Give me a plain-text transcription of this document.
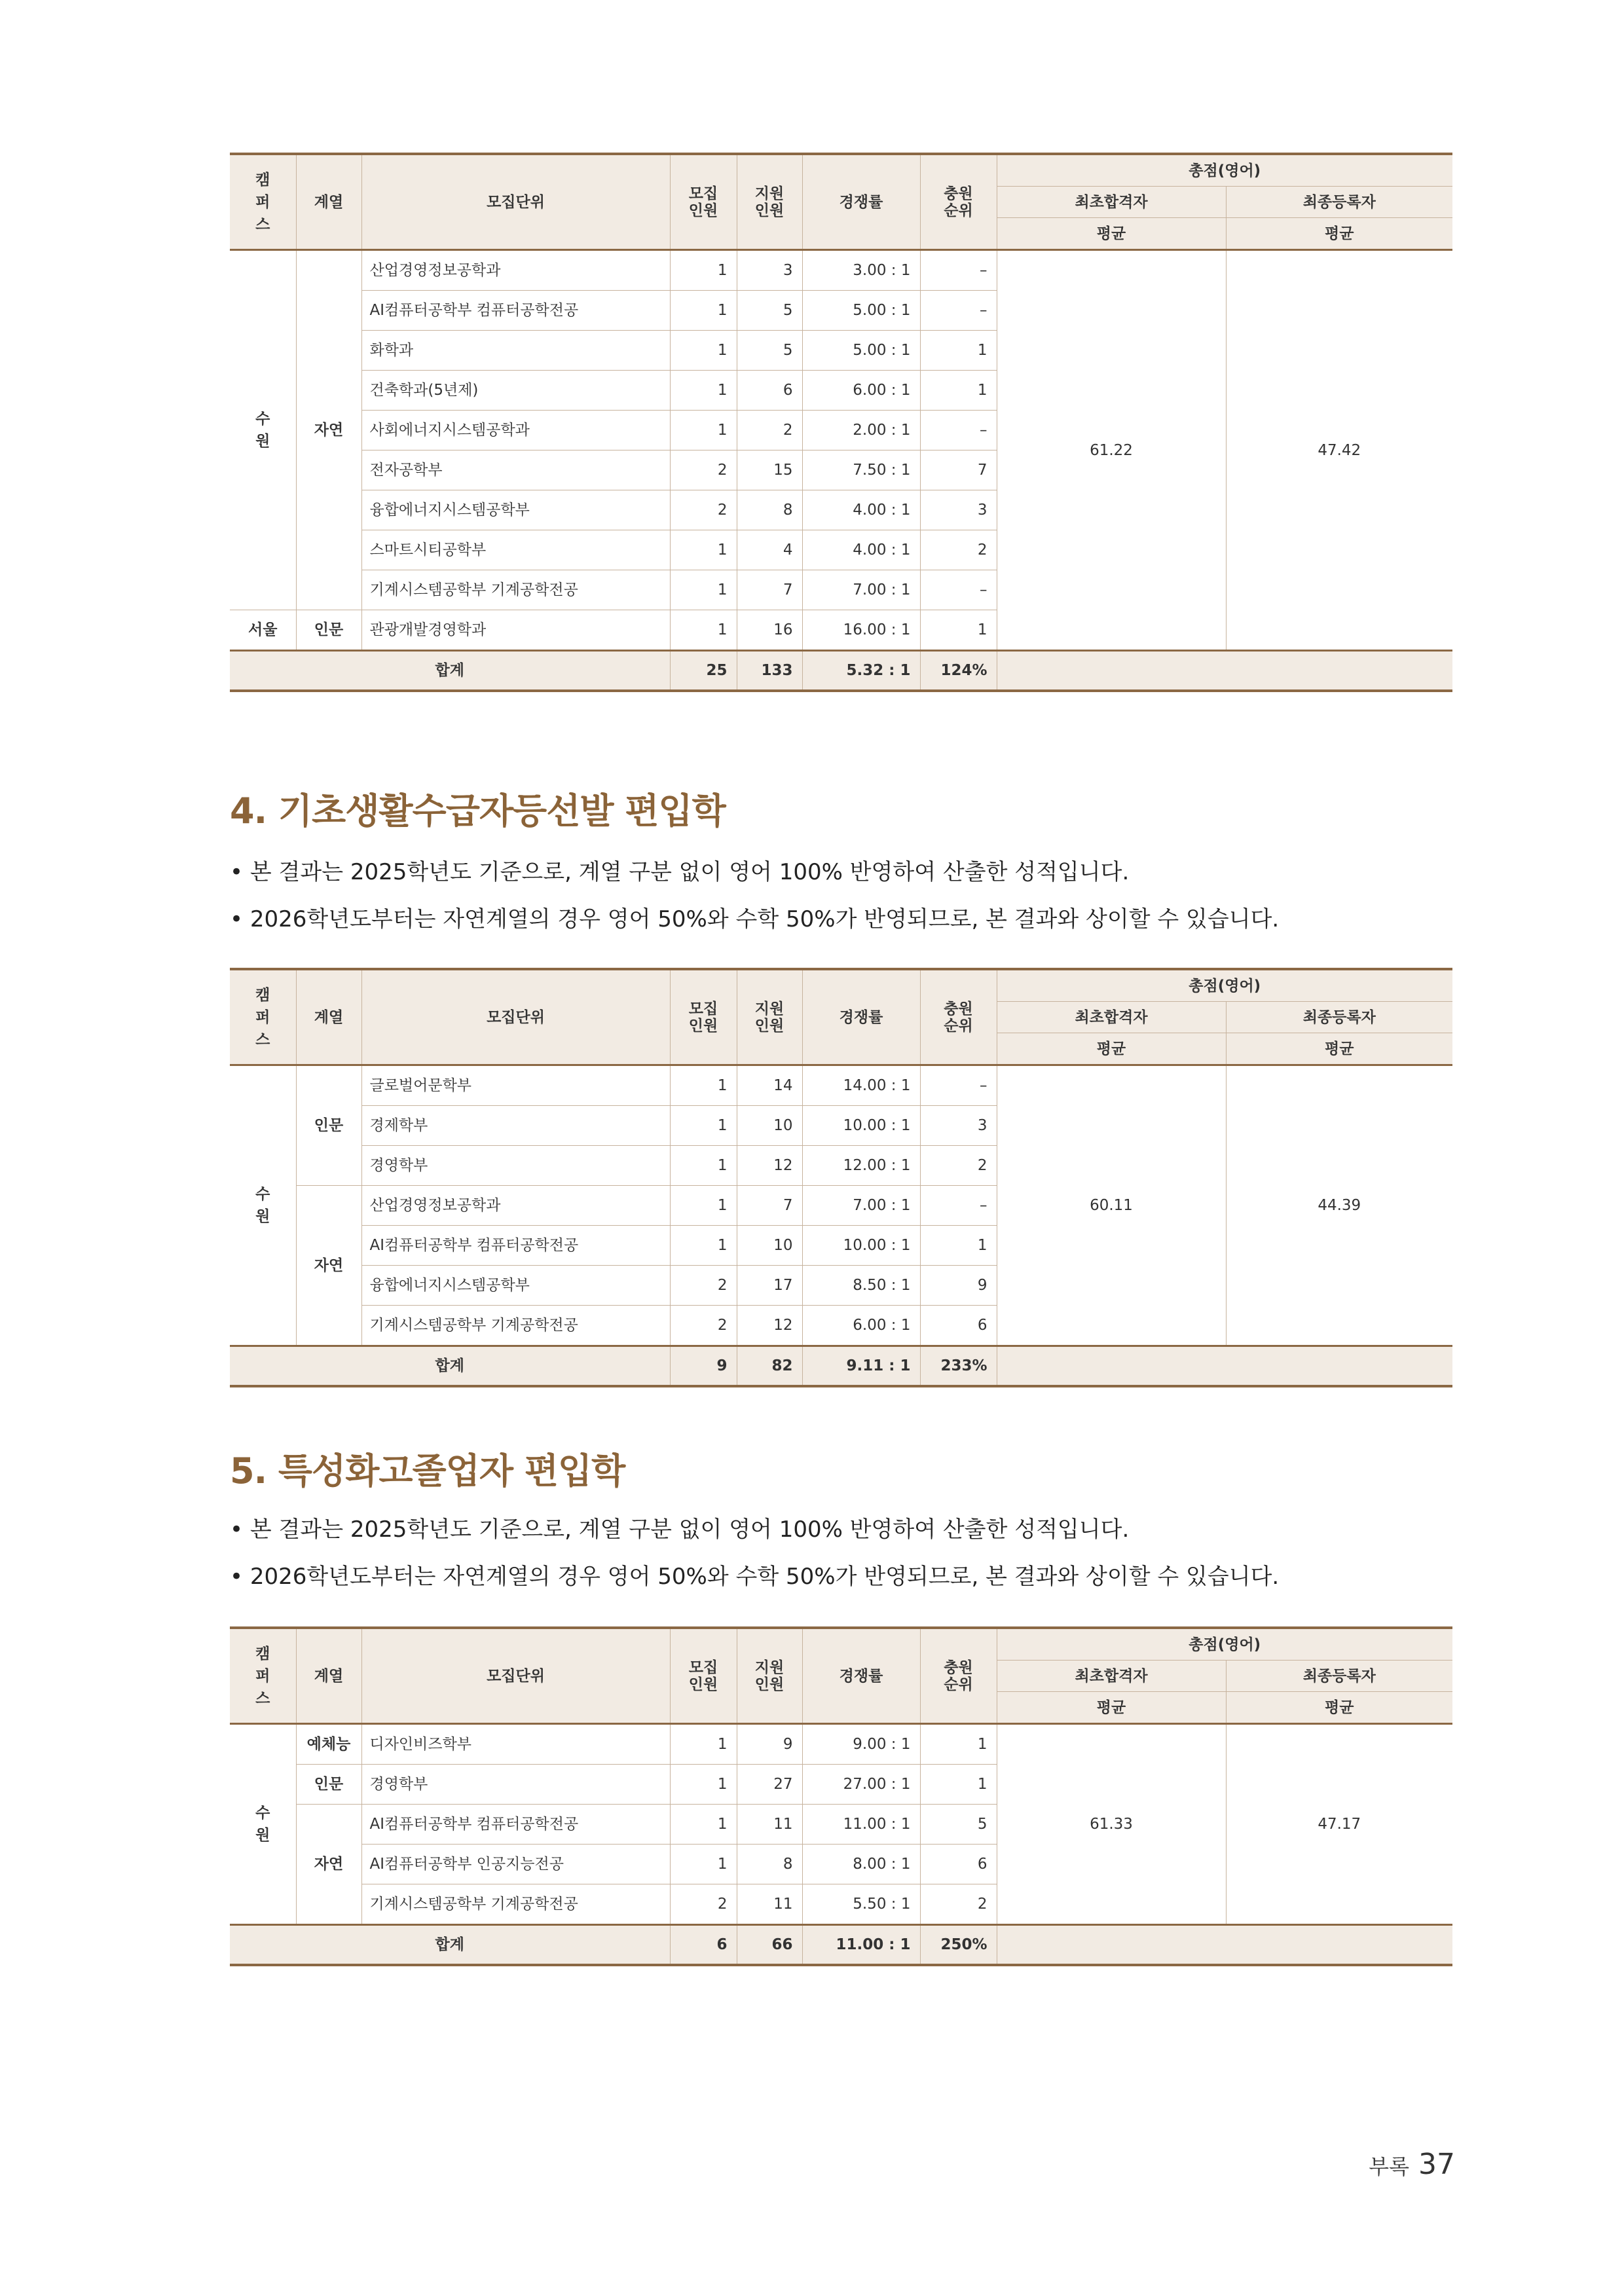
캠
퍼
스	계열	모집단위	모집
인원	지원
인원	경쟁률	충원
순위	총점(영어)	
							최초합격자	최종등록자
							평균	평균

수
원	자연	산업경영정보공학과	1	3	3.00 : 1	–	61.22	47.42
		AI컴퓨터공학부 컴퓨터공학전공	1	5	5.00 : 1	–		
		화학과	1	5	5.00 : 1	1		
		건축학과(5년제)	1	6	6.00 : 1	1		
		사회에너지시스템공학과	1	2	2.00 : 1	–		
		전자공학부	2	15	7.50 : 1	7		
		융합에너지시스템공학부	2	8	4.00 : 1	3		
		스마트시티공학부	1	4	4.00 : 1	2		
		기계시스템공학부 기계공학전공	1	7	7.00 : 1	–		
서울	인문	관광개발경영학과	1	16	16.00 : 1	1		
합계			25	133	5.32 : 1	124%		
4. 기초생활수급자등선발 편입학
• 본 결과는 2025학년도 기준으로, 계열 구분 없이 영어 100% 반영하여 산출한 성적입니다.
• 2026학년도부터는 자연계열의 경우 영어 50%와 수학 50%가 반영되므로, 본 결과와 상이할 수 있습니다.
캠
퍼
스	계열	모집단위	모집
인원	지원
인원	경쟁률	충원
순위	총점(영어)	
							최초합격자	최종등록자
							평균	평균

수
원	인문	글로벌어문학부	1	14	14.00 : 1	–	60.11	44.39
		경제학부	1	10	10.00 : 1	3		
		경영학부	1	12	12.00 : 1	2		
	자연	산업경영정보공학과	1	7	7.00 : 1	–		
		AI컴퓨터공학부 컴퓨터공학전공	1	10	10.00 : 1	1		
		융합에너지시스템공학부	2	17	8.50 : 1	9		
		기계시스템공학부 기계공학전공	2	12	6.00 : 1	6		
합계			9	82	9.11 : 1	233%		
5. 특성화고졸업자 편입학
• 본 결과는 2025학년도 기준으로, 계열 구분 없이 영어 100% 반영하여 산출한 성적입니다.
• 2026학년도부터는 자연계열의 경우 영어 50%와 수학 50%가 반영되므로, 본 결과와 상이할 수 있습니다.
캠
퍼
스	계열	모집단위	모집
인원	지원
인원	경쟁률	충원
순위	총점(영어)	
							최초합격자	최종등록자
							평균	평균

수
원	예체능	디자인비즈학부	1	9	9.00 : 1	1	61.33	47.17
	인문	경영학부	1	27	27.00 : 1	1		
	자연	AI컴퓨터공학부 컴퓨터공학전공	1	11	11.00 : 1	5		
		AI컴퓨터공학부 인공지능전공	1	8	8.00 : 1	6		
		기계시스템공학부 기계공학전공	2	11	5.50 : 1	2		
합계			6	66	11.00 : 1	250%		
부록 37
